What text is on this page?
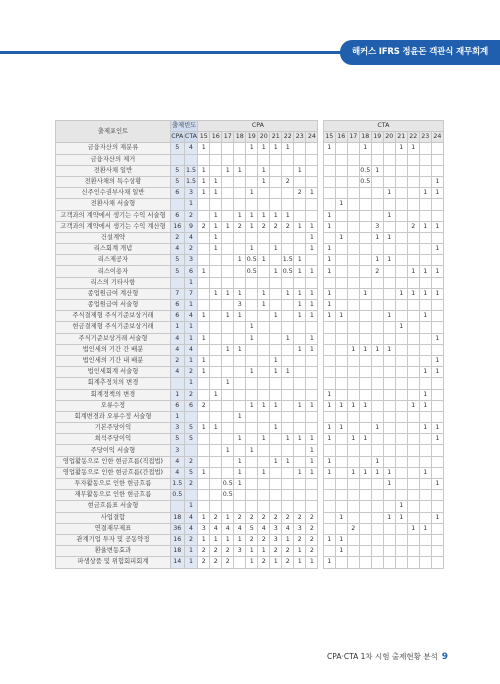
해커스 IFRS 정윤돈 객관식 재무회계
출제포인트	출제빈도		CPA											CTA									
	CPA	CTA	15	16	17	18	19	20	21	22	23	24		15	16	17	18	19	20	21	22	23	24
금융자산의 재분류	5	4	1				1	1	1	1				1			1			1	1		
금융자산의 제거																							
전환사채 일반	5	1.5	1		1	1		1			1						0.5	1					
전환사채의 특수상황	5	1.5	1	1				1		2							0.5						1
신주인수권부사채 일반	6	3	1	1			1				2	1							1			1	1
전환사채 서술형		1													1								
고객과의 계약에서 생기는 수익 서술형	6	2		1		1	1	1	1	1				1					1				
고객과의 계약에서 생기는 수익 계산형	16	9	2	1	1	2	1	2	2	2	1	1		1				3			2	1	1
건설계약	2	4		1								1			1			1	1				
리스회계 개념	4	2		1			1		1			1		1									1
리스제공자	5	3				1	0.5	1		1.5	1			1				1	1				
리스이용자	5	6	1				0.5		1	0.5	1	1		1				2			1	1	1
리스의 기타사항		1																					
종업원급여 계산형	7	7		1	1	1		1		1	1	1		1			1			1	1	1	1
종업원급여 서술형	6	1				3		1			1	1		1									
주식결제형 주식기준보상거래	6	4	1		1	1			1		1	1		1	1				1			1	
현금결제형 주식기준보상거래	1	1					1													1			
주식기준보상거래 서술형	4	1	1				1			1		1											1
법인세의 기간 간 배분	4	4			1	1					1	1				1	1	1	1				
법인세의 기간 내 배분	2	1	1						1														1
법인세회계 서술형	4	2	1				1		1	1												1	1
회계추정치의 변경		1			1																		
회계정책의 변경	1	2		1										1								1	
오류수정	6	6	2				1	1	1		1	1		1	1	1	1				1	1	
회계변경과 오류수정 서술형	1					1																	
기본주당이익	3	5	1	1					1					1	1			1				1	1
희석주당이익	5	5				1		1		1	1	1		1		1	1						1
주당이익 서술형	3				1		1					1											
영업활동으로 인한 현금흐름(직접법)	4	2				1			1	1		1		1				1					
영업활동으로 인한 현금흐름(간접법)	4	5	1			1		1			1	1		1		1	1	1	1			1	
투자활동으로 인한 현금흐름	1.5	2			0.5	1													1				1
재무활동으로 인한 현금흐름	0.5				0.5																		
현금흐름표 서술형		1																		1			
사업결합	18	4	1	2	1	2	2	2	2	2	2	2			1				1	1			1
연결재무제표	36	4	3	4	4	4	5	4	3	4	3	2				2					1	1	
관계기업 투자 및 공동약정	16	2	1	1	1	1	2	2	3	1	2	2		1	1								
환율변동효과	18	1	2	2	2	3	1	1	2	2	1	2			1								
파생상품 및 위험회피회계	14	1	2	2	2		1	2	1	2	1	1		1									
CPA·CTA 1차 시험 출제현황 분석 9
